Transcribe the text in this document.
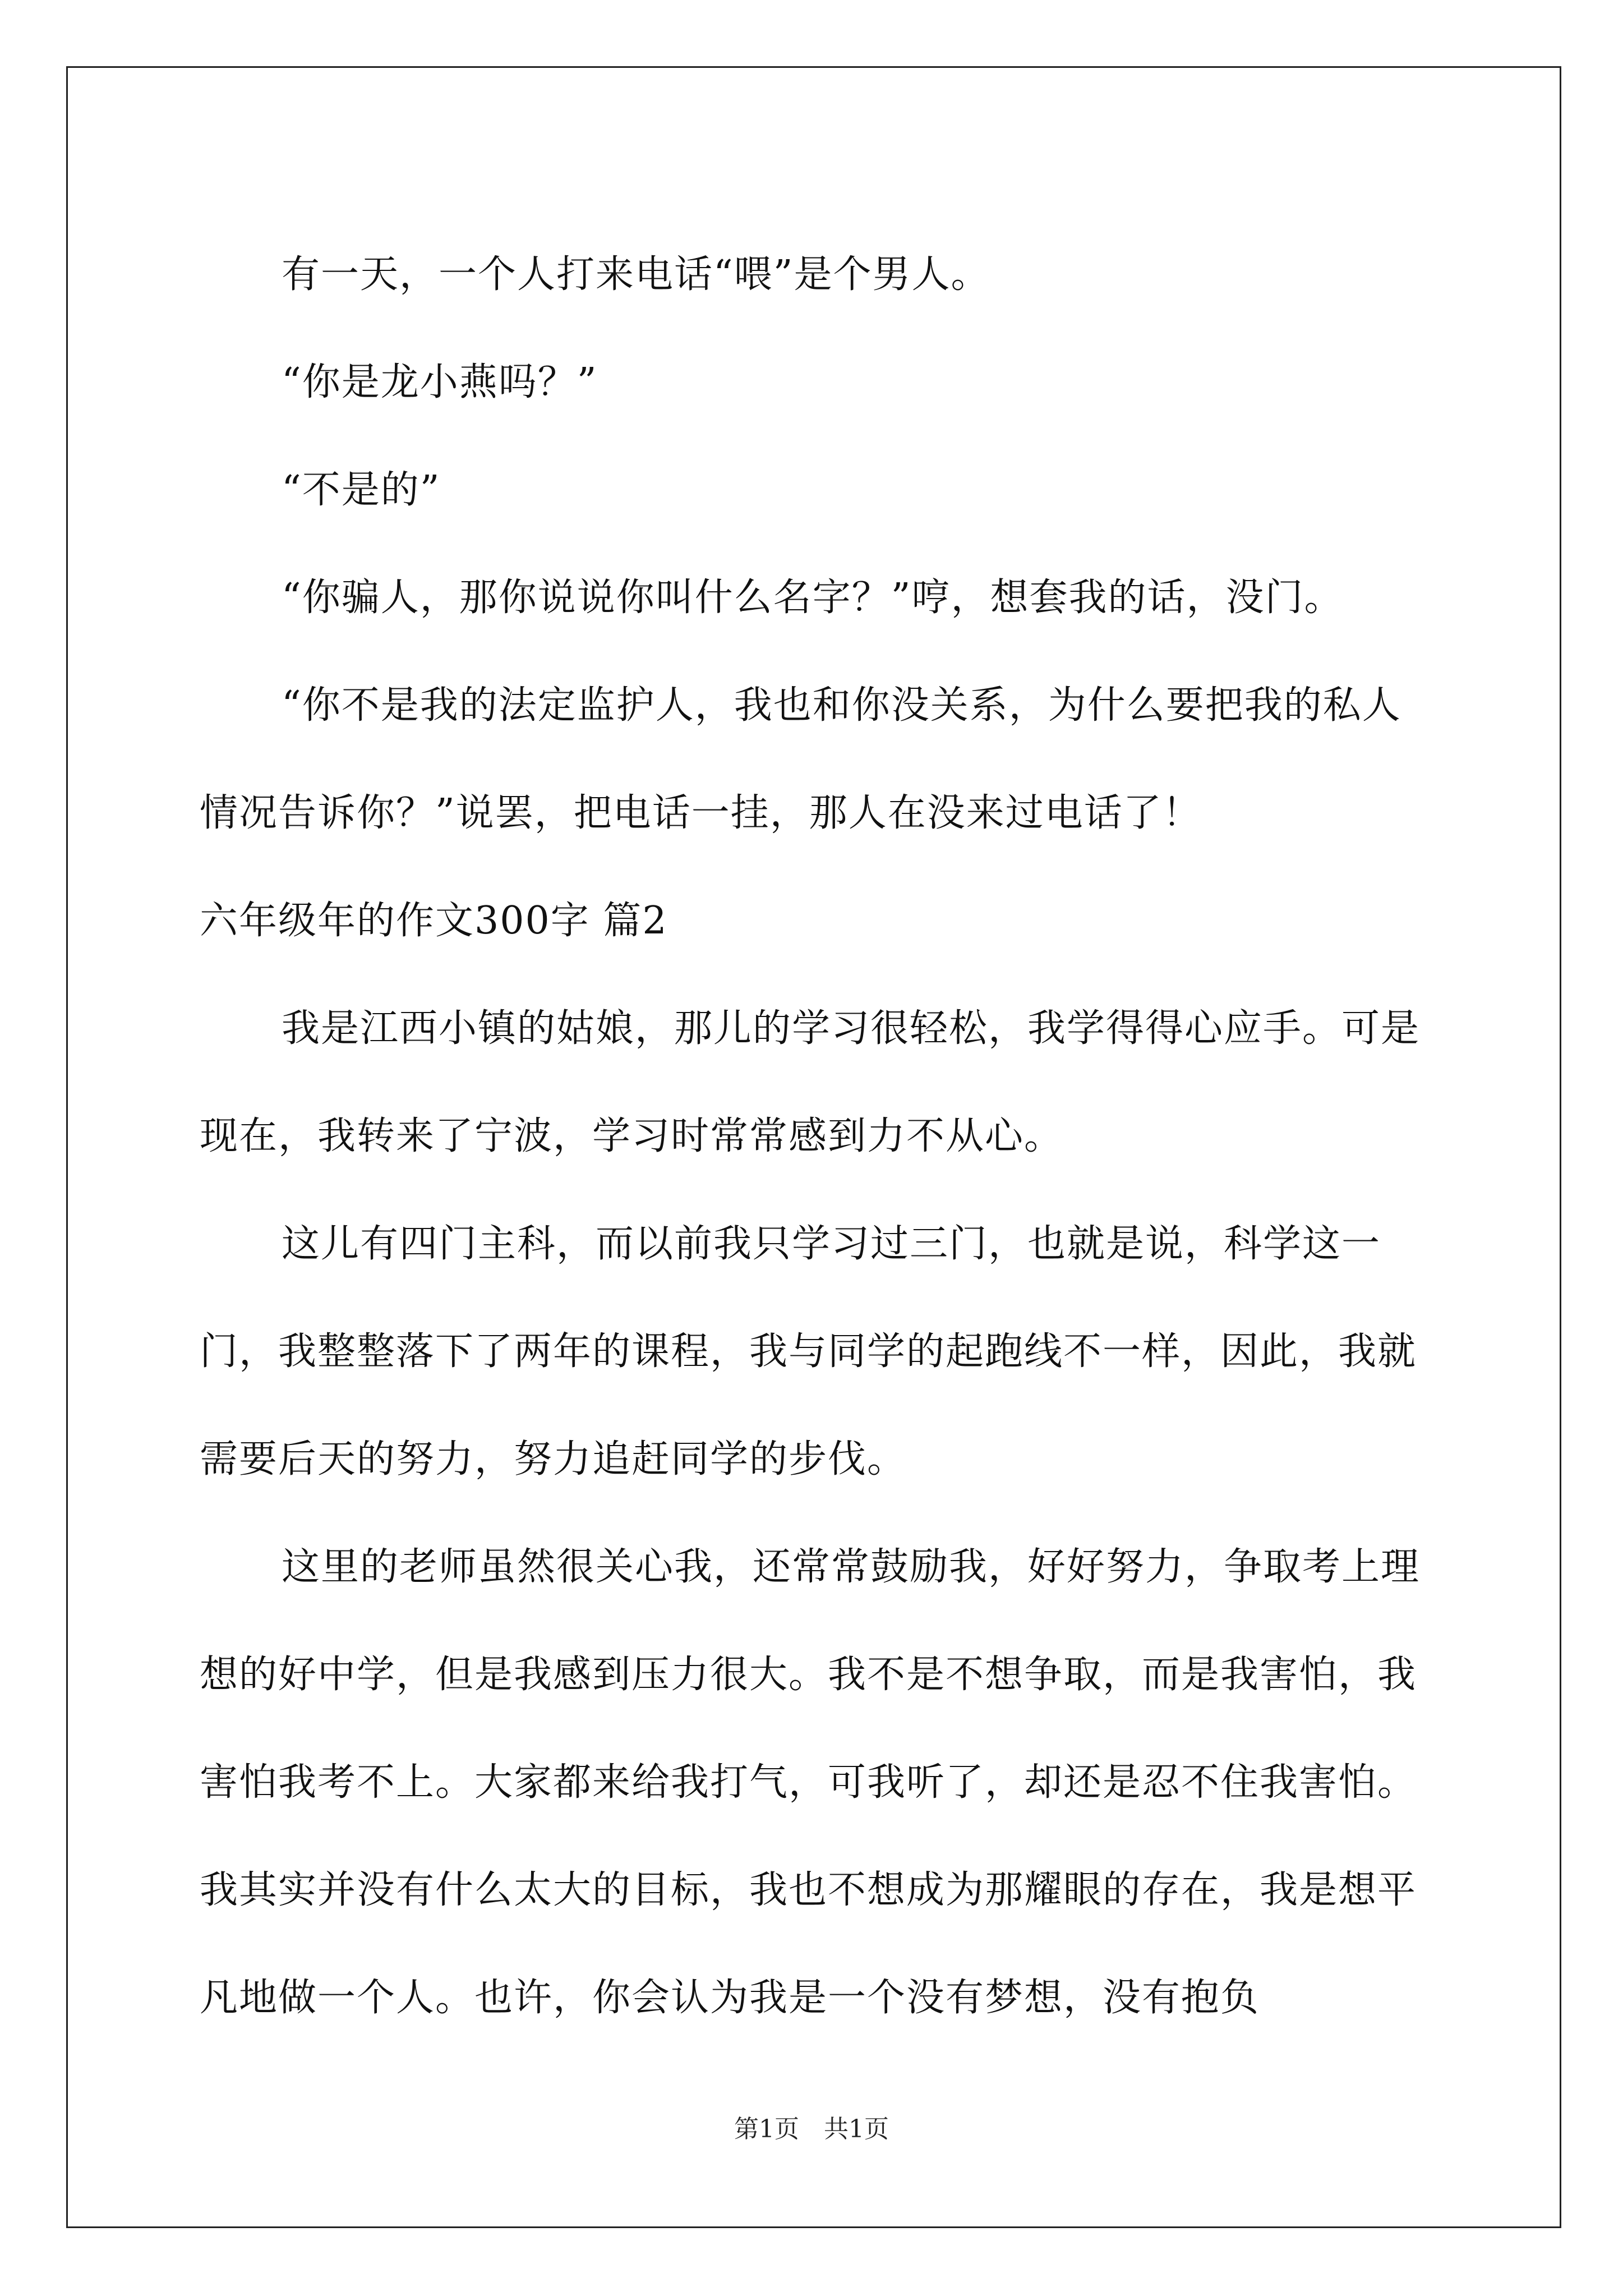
有一天，一个人打来电话“喂”是个男人。

“你是龙小燕吗？”

“不是的”

“你骗人，那你说说你叫什么名字？”哼，想套我的话，没门。

“你不是我的法定监护人，我也和你没关系，为什么要把我的私人情况告诉你？”说罢，把电话一挂，那人在没来过电话了！

六年级年的作文300字 篇2

我是江西小镇的姑娘，那儿的学习很轻松，我学得得心应手。可是现在，我转来了宁波，学习时常常感到力不从心。

这儿有四门主科，而以前我只学习过三门，也就是说，科学这一门，我整整落下了两年的课程，我与同学的起跑线不一样，因此，我就需要后天的努力，努力追赶同学的步伐。

这里的老师虽然很关心我，还常常鼓励我，好好努力，争取考上理想的好中学，但是我感到压力很大。我不是不想争取，而是我害怕，我害怕我考不上。大家都来给我打气，可我听了，却还是忍不住我害怕。我其实并没有什么太大的目标，我也不想成为那耀眼的存在，我是想平凡地做一个人。也许，你会认为我是一个没有梦想，没有抱负

第1页　共1页
